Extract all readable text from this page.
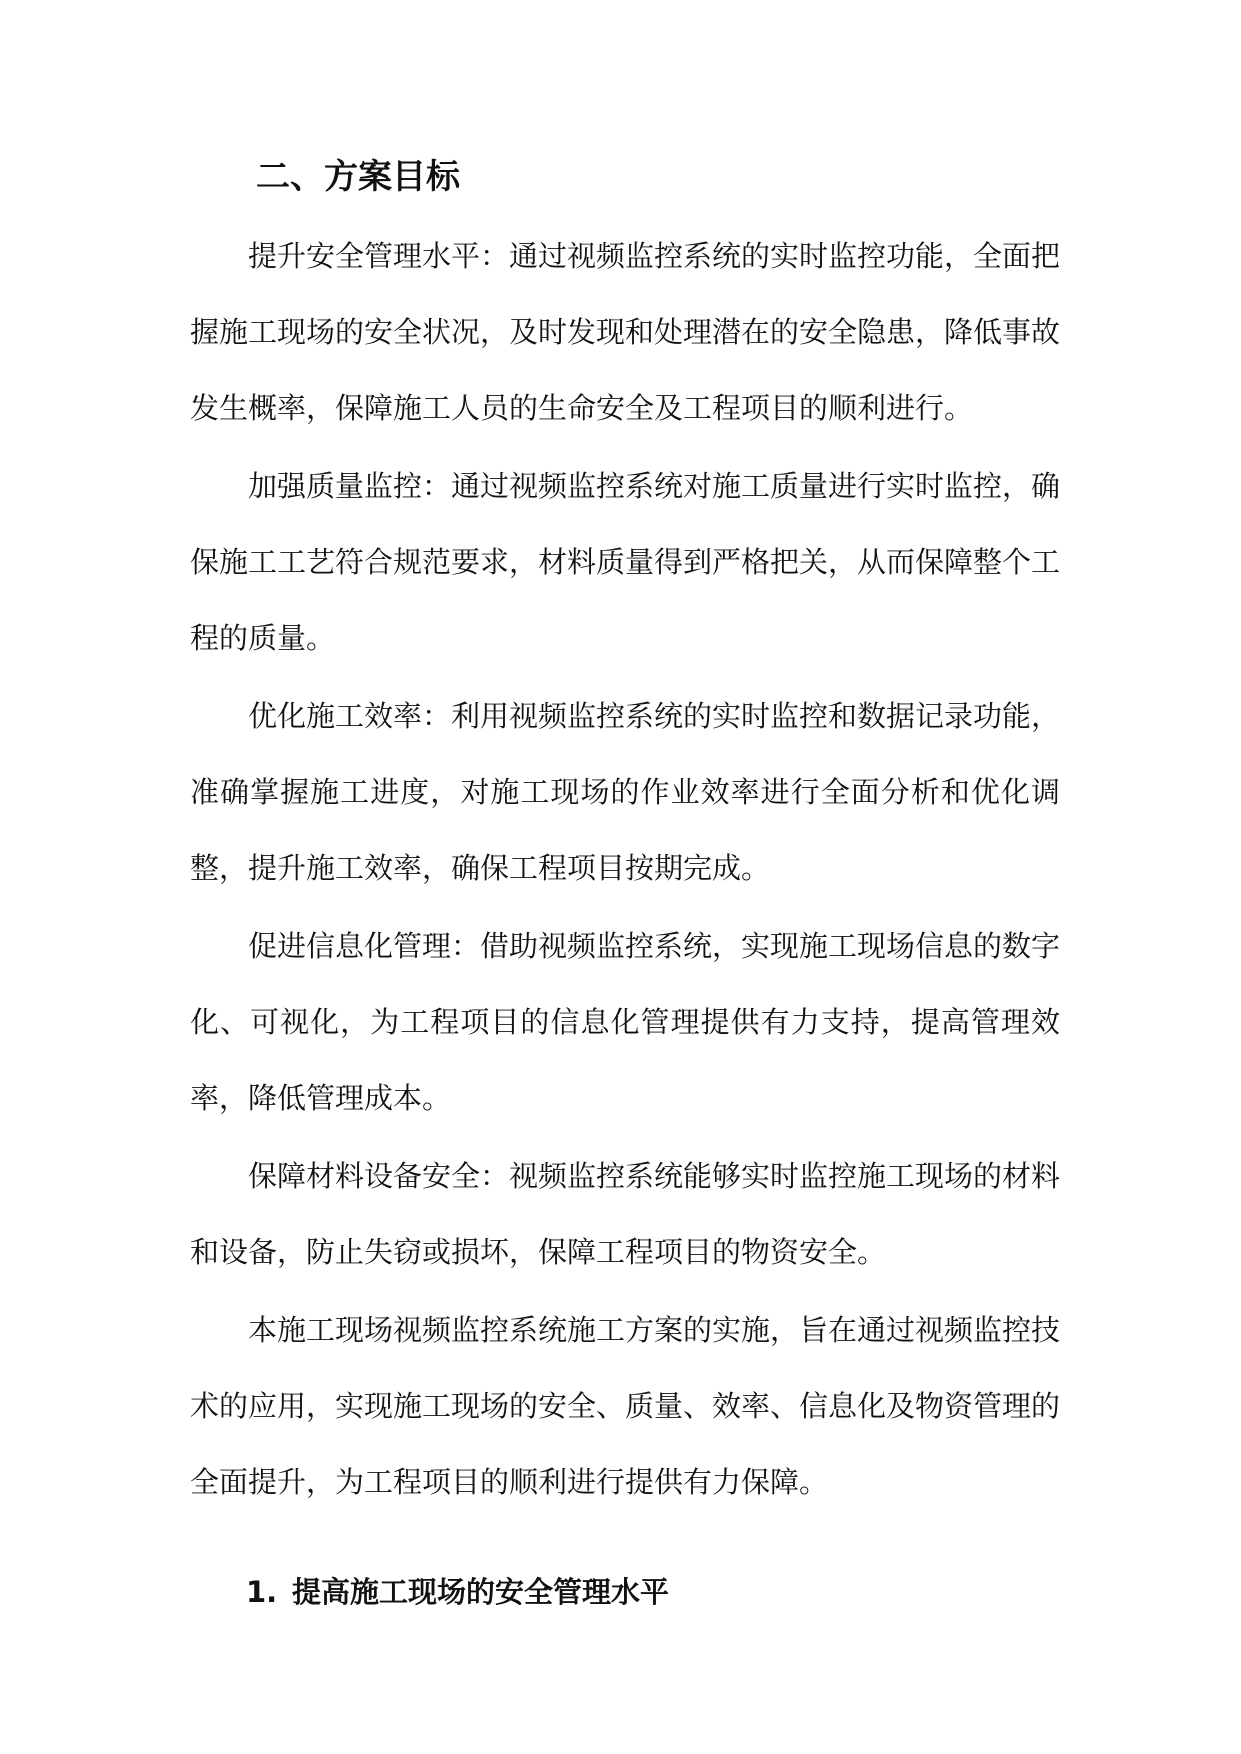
二、方案目标

提升安全管理水平：通过视频监控系统的实时监控功能，全面把握施工现场的安全状况，及时发现和处理潜在的安全隐患，降低事故发生概率，保障施工人员的生命安全及工程项目的顺利进行。

加强质量监控：通过视频监控系统对施工质量进行实时监控，确保施工工艺符合规范要求，材料质量得到严格把关，从而保障整个工程的质量。

优化施工效率：利用视频监控系统的实时监控和数据记录功能，准确掌握施工进度，对施工现场的作业效率进行全面分析和优化调整，提升施工效率，确保工程项目按期完成。

促进信息化管理：借助视频监控系统，实现施工现场信息的数字化、可视化，为工程项目的信息化管理提供有力支持，提高管理效率，降低管理成本。

保障材料设备安全：视频监控系统能够实时监控施工现场的材料和设备，防止失窃或损坏，保障工程项目的物资安全。

本施工现场视频监控系统施工方案的实施，旨在通过视频监控技术的应用，实现施工现场的安全、质量、效率、信息化及物资管理的全面提升，为工程项目的顺利进行提供有力保障。

1. 提高施工现场的安全管理水平
